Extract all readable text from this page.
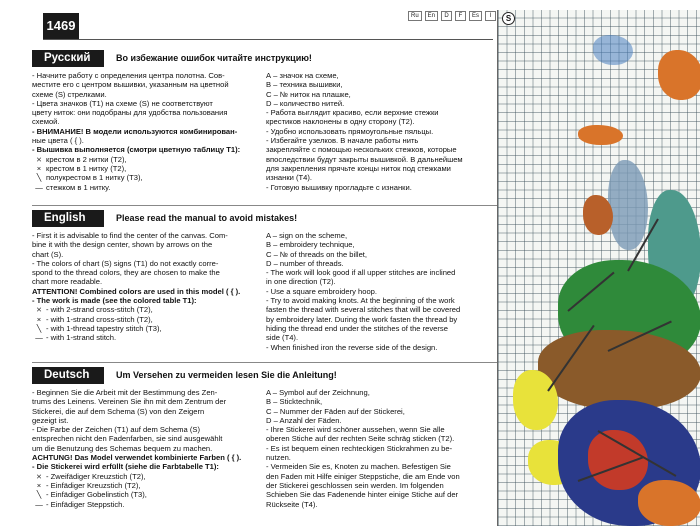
1469
Ru	En	D	F	Es	I
Русский	Во избежание ошибок читайте инструкцию!

- Начните работу с определения центра полотна. Сов-

местите его с центром вышивки, указанным на цветной

схеме (S) стрелками.

- Цвета значков (Т1) на схеме (S) не соответствуют

цвету ниток: они подобраны для удобства пользования

схемой.

- ВНИМАНИЕ! В модели используются комбинирован-

ные цвета ( { ).

- Вышивка выполняется (смотри цветную таблицу Т1):

⨯ крестом в 2 нитки (Т2),

× крестом в 1 нитку (Т2),

╲ полукрестом в 1 нитку (Т3),

— стежком в 1 нитку.

А – значок на схеме,

В – техника вышивки,

С – № ниток на плашке,

D – количество нитей.

- Работа выглядит красиво, если верхние стежки

крестиков наклонены в одну сторону (Т2).

- Удобно использовать прямоугольные пяльцы.

- Избегайте узелков. В начале работы нить

закрепляйте с помощью нескольких стежков, которые

впоследствии будут закрыты вышивкой. В дальнейшем

для закрепления прячьте концы ниток под стежками

изнанки (Т4).

- Готовую вышивку прогладьте с изнанки.

English	Please read the manual to avoid mistakes!

- First it is advisable to find the center of the canvas. Com-

bine it with the design center, shown by arrows on the

chart (S).

- The colors of chart (S) signs (T1) do not exactly corre-

spond to the thread colors, they are chosen to make the

chart more readable.

ATTENTION! Combined colors are used in this model ( { ).

- The work is made (see the colored table T1):

⨯ - with 2-strand cross-stitch (T2),

× - with 1-strand cross-stitch (T2),

╲ - with 1-thread tapestry stitch (T3),

— - with 1-strand stitch.

A – sign on the scheme,

B – embroidery technique,

C – № of threads on the billet,

D – number of threads.

- The work will look good if all upper stitches are inclined

in one direction (T2).

- Use a square embroidery hoop.

- Try to avoid making knots. At the beginning of the work

fasten the thread with several stitches that will be covered

by embroidery later. During the work fasten the thread by

hiding the thread end under the stitches of the reverse

side (T4).

- When finished iron the reverse side of the design.

Deutsch	Um Versehen zu vermeiden lesen Sie die Anleitung!

- Beginnen Sie die Arbeit mit der Bestimmung des Zen-

trums des Leinens. Vereinen Sie ihn mit dem Zentrum der

Stickerei, die auf dem Schema (S) von den Zeigern

gezeigt ist.

- Die Farbe der Zeichen (T1) auf dem Schema (S)

entsprechen nicht den Fadenfarben, sie sind ausgewählt

um die Benutzung des Schemas bequem zu machen.

ACHTUNG! Das Model verwendet kombinierte Farben ( { ).

- Die Stickerei wird erfüllt (siehe die Farbtabelle T1):

⨯ - Zweifädiger Kreuzstich (T2),

× - Einfädiger Kreuzstich (T2),

╲ - Einfädiger Gobelinstich (T3),

— - Einfädiger Steppstich.

A – Symbol auf der Zeichnung,

B – Sticktechnik,

C – Nummer der Fäden auf der Stickerei,

D – Anzahl der Fäden.

- Ihre Stickerei wird schöner aussehen, wenn Sie alle

oberen Stiche auf der rechten Seite schräg sticken (T2).

- Es ist bequem einen rechteckigen Stickrahmen zu be-

nutzen.

- Vermeiden Sie es, Knoten zu machen. Befestigen Sie

den Faden mit Hilfe einiger Steppstiche, die am Ende von

der Stickerei geschlossen sein werden. Im folgenden

Schieben Sie das Fadenende hinter einige Stiche auf der

Rückseite (T4).

S
